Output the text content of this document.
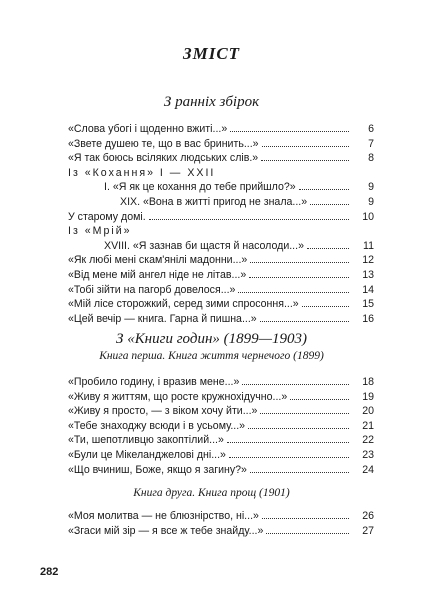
ЗМІСТ
З ранніх збірок
«Слова убогі і щоденно вжиті...»	6
«Звете душею те, що в вас бринить...»	7
«Я так боюсь всіляких людських слів.»	8
Із «Кохання» I — XXII
I. «Я як це кохання до тебе прийшло?»	9
XIX. «Вона в житті пригод не знала...»	9
У старому домі.	10
Із «Мрій»
XVIII. «Я зазнав би щастя й насолоди...»	11
«Як любі мені скам'янілі мадонни...»	12
«Від мене мій ангел ніде не літав...»	13
«Тобі зійти на пагорб довелося...»	14
«Мій лісе сторожкий, серед зими спросоння...»	15
«Цей вечір — книга. Гарна й пишна...»	16
З «Книги годин» (1899—1903)
Книга перша. Книга життя чернечого (1899)
«Пробило годину, і вразив мене...»	18
«Живу я життям, що росте кружнохідучно...»	19
«Живу я просто, — з віком хочу йти...»	20
«Тебе знаходжу всюди і в усьому...»	21
«Ти, шепотливцю закоптілий...»	22
«Були це Мікеланджелові дні...»	23
«Що вчиниш, Боже, якщо я загину?»	24
Книга друга. Книга прощ (1901)
«Моя молитва — не блюзнірство, ні...»	26
«Згаси мій зір — я все ж тебе знайду...»	27
282
